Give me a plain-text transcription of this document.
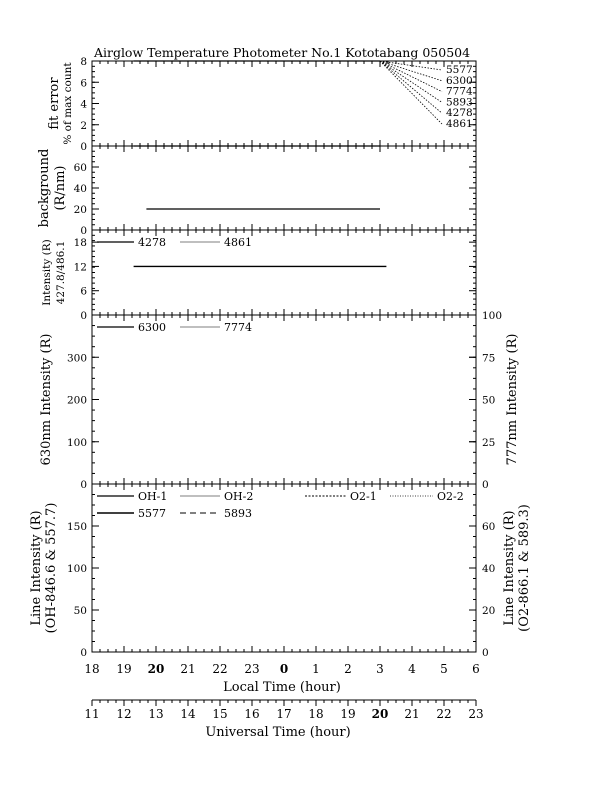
Airglow Temperature Photometer No.1 Kototabang 050504
0
2
4
6
8
0
20
40
60
0
6
12
18
0
100
200
300
0
25
50
75
100
0
50
100
150
0
20
40
60
5577
6300
7774
5893
4278
4861
fit error % of max count
background (R/nm)
Intensity (R) 427.8/486.1	4278	4861
630nm Intensity (R)	777nm Intensity (R)
6300	7774
Line Intensity (R) (OH-846.6 & 557.7)	Line Intensity (R) (O2-866.1 & 589.3)
OH-1	OH-2	O2-1	O2-2
5577	5893
18 19 20 21 22 23 0 1 2 3 4 5 6
Local Time (hour)
11 12 13 14 15 16 17 18 19 20 21 22 23
Universal Time (hour)
